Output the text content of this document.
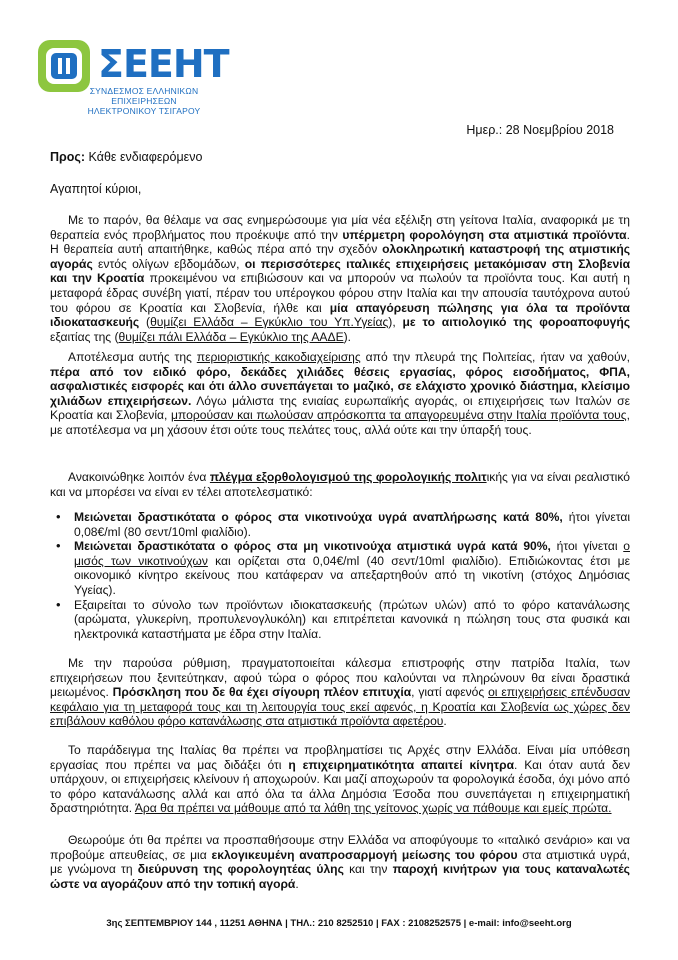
ΣΕΕΗΤ
ΣΥΝΔΕΣΜΟΣ ΕΛΛΗΝΙΚΩΝ
ΕΠΙΧΕΙΡΗΣΕΩΝ ΗΛΕΚΤΡΟΝΙΚΟΥ ΤΣΙΓΑΡΟΥ
Ημερ.: 28 Νοεμβρίου 2018
Προς: Κάθε ενδιαφερόμενο
Αγαπητοί κύριοι,

Με το παρόν, θα θέλαμε να σας ενημερώσουμε για μία νέα εξέλιξη στη γείτονα Ιταλία, αναφορικά με τη θεραπεία ενός προβλήματος που προέκυψε από την υπέρμετρη φορολόγηση στα ατμιστικά προϊόντα. Η θεραπεία αυτή απαιτήθηκε, καθώς πέρα από την σχεδόν ολοκληρωτική καταστροφή της ατμιστικής αγοράς εντός ολίγων εβδομάδων, οι περισσότερες ιταλικές επιχειρήσεις μετακόμισαν στη Σλοβενία και την Κροατία προκειμένου να επιβιώσουν και να μπορούν να πωλούν τα προϊόντα τους. Και αυτή η μεταφορά έδρας συνέβη γιατί, πέραν του υπέρογκου φόρου στην Ιταλία και την απουσία ταυτόχρονα αυτού του φόρου σε Κροατία και Σλοβενία, ήλθε και μία απαγόρευση πώλησης για όλα τα προϊόντα ιδιοκατασκευής (θυμίζει Ελλάδα – Εγκύκλιο του Υπ.Υγείας), με το αιτιολογικό της φοροαποφυγής εξαιτίας της (θυμίζει πάλι Ελλάδα – Εγκύκλιο της ΑΑΔΕ).

Αποτέλεσμα αυτής της περιοριστικής κακοδιαχείρισης από την πλευρά της Πολιτείας, ήταν να χαθούν, πέρα από τον ειδικό φόρο, δεκάδες χιλιάδες θέσεις εργασίας, φόρος εισοδήματος, ΦΠΑ, ασφαλιστικές εισφορές και ότι άλλο συνεπάγεται το μαζικό, σε ελάχιστο χρονικό διάστημα, κλείσιμο χιλιάδων επιχειρήσεων. Λόγω μάλιστα της ενιαίας ευρωπαϊκής αγοράς, οι επιχειρήσεις των Ιταλών σε Κροατία και Σλοβενία, μπορούσαν και πωλούσαν απρόσκοπτα τα απαγορευμένα στην Ιταλία προϊόντα τους, με αποτέλεσμα να μη χάσουν έτσι ούτε τους πελάτες τους, αλλά ούτε και την ύπαρξή τους.

Ανακοινώθηκε λοιπόν ένα πλέγμα εξορθολογισμού της φορολογικής πολιτικής για να είναι ρεαλιστικό και να μπορέσει να είναι εν τέλει αποτελεσματικό:

• Μειώνεται δραστικότατα ο φόρος στα νικοτινούχα υγρά αναπλήρωσης κατά 80%, ήτοι γίνεται 0,08€/ml (80 σεντ/10ml φιαλίδιο).
• Μειώνεται δραστικότατα ο φόρος στα μη νικοτινούχα ατμιστικά υγρά κατά 90%, ήτοι γίνεται ο μισός των νικοτινούχων και ορίζεται στα 0,04€/ml (40 σεντ/10ml φιαλίδιο). Επιδιώκοντας έτσι με οικονομικό κίνητρο εκείνους που κατάφεραν να απεξαρτηθούν από τη νικοτίνη (στόχος Δημόσιας Υγείας).
• Εξαιρείται το σύνολο των προϊόντων ιδιοκατασκευής (πρώτων υλών) από το φόρο κατανάλωσης (αρώματα, γλυκερίνη, προπυλενογλυκόλη) και επιτρέπεται κανονικά η πώληση τους στα φυσικά και ηλεκτρονικά καταστήματα με έδρα στην Ιταλία.

Με την παρούσα ρύθμιση, πραγματοποιείται κάλεσμα επιστροφής στην πατρίδα Ιταλία, των επιχειρήσεων που ξενιτεύτηκαν, αφού τώρα ο φόρος που καλούνται να πληρώνουν θα είναι δραστικά μειωμένος. Πρόσκληση που δε θα έχει σίγουρη πλέον επιτυχία, γιατί αφενός οι επιχειρήσεις επένδυσαν κεφάλαιο για τη μεταφορά τους και τη λειτουργία τους εκεί αφενός, η Κροατία και Σλοβενία ως χώρες δεν επιβάλουν καθόλου φόρο κατανάλωσης στα ατμιστικά προϊόντα αφετέρου.

Το παράδειγμα της Ιταλίας θα πρέπει να προβληματίσει τις Αρχές στην Ελλάδα. Είναι μία υπόθεση εργασίας που πρέπει να μας διδάξει ότι η επιχειρηματικότητα απαιτεί κίνητρα. Και όταν αυτά δεν υπάρχουν, οι επιχειρήσεις κλείνουν ή αποχωρούν. Και μαζί αποχωρούν τα φορολογικά έσοδα, όχι μόνο από το φόρο κατανάλωσης αλλά και από όλα τα άλλα Δημόσια Έσοδα που συνεπάγεται η επιχειρηματική δραστηριότητα. Άρα θα πρέπει να μάθουμε από τα λάθη της γείτονος χωρίς να πάθουμε και εμείς πρώτα.

Θεωρούμε ότι θα πρέπει να προσπαθήσουμε στην Ελλάδα να αποφύγουμε το «ιταλικό σενάριο» και να προβούμε απευθείας, σε μια εκλογικευμένη αναπροσαρμογή μείωσης του φόρου στα ατμιστικά υγρά, με γνώμονα τη διεύρυνση της φορολογητέας ύλης και την παροχή κινήτρων για τους καταναλωτές ώστε να αγοράζουν από την τοπική αγορά.

3ης ΣΕΠΤΕΜΒΡΙΟΥ 144 , 11251 ΑΘΗΝΑ | ΤΗΛ.: 210 8252510 | FAX : 2108252575 | e-mail: info@seeht.org
